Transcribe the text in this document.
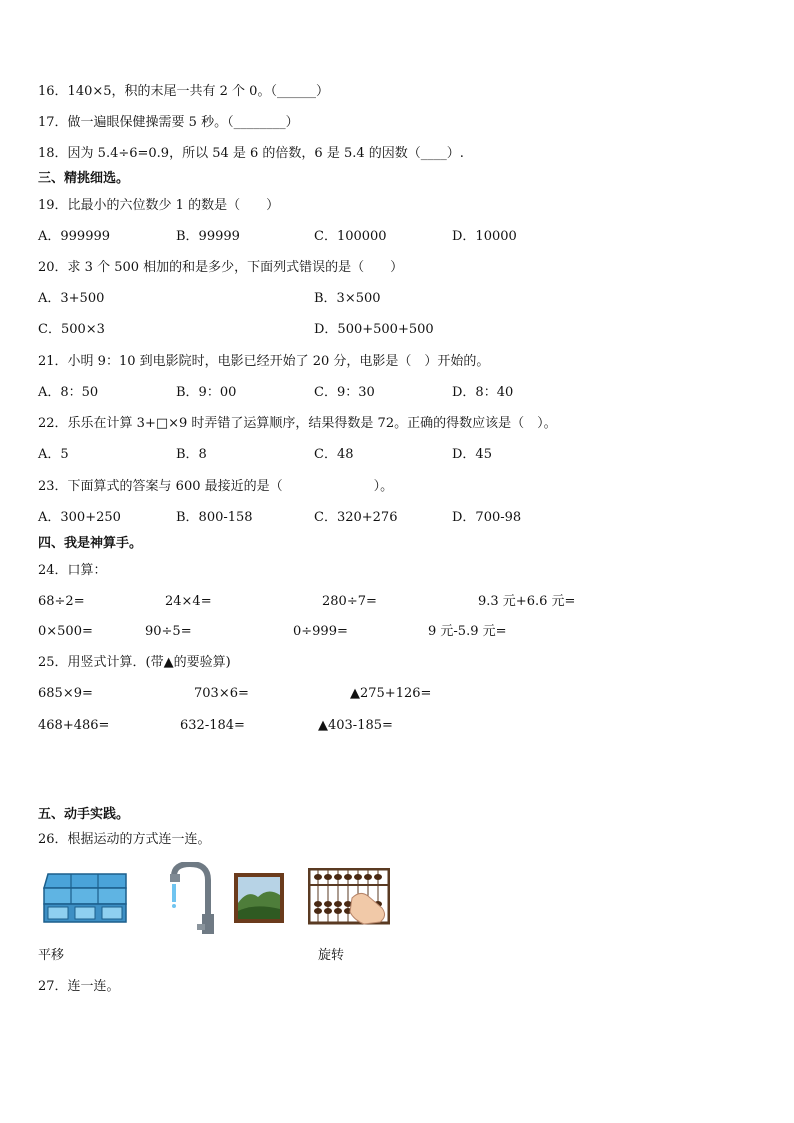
16．140×5，积的末尾一共有 2 个 0。（______）
17．做一遍眼保健操需要 5 秒。（________）
18．因为 5.4÷6=0.9，所以 54 是 6 的倍数，6 是 5.4 的因数（____）.
三、精挑细选。
19．比最小的六位数少 1 的数是（　　）
A．999999	B．99999	C．100000	D．10000
20．求 3 个 500 相加的和是多少，下面列式错误的是（　　）
A．3+500	B．3×500
C．500×3	D．500+500+500
21．小明 9：10 到电影院时，电影已经开始了 20 分，电影是（　）开始的。
A．8：50	B．9：00	C．9：30	D．8：40
22．乐乐在计算 3+□×9 时弄错了运算顺序，结果得数是 72。正确的得数应该是（　）。
A．5	B．8	C．48	D．45
23．下面算式的答案与 600 最接近的是（　　　　　　　）。
A．300+250	B．800-158	C．320+276	D．700-98
四、我是神算手。
24．口算：
68÷2=	24×4=	280÷7=	9.3 元+6.6 元=
0×500=	90÷5=	0÷999=	9 元-5.9 元=
25．用竖式计算．(带▲的要验算)
685×9=	703×6=	▲275+126=
468+486=	632-184=	▲403-185=
五、动手实践。
26．根据运动的方式连一连。
平移	旋转
27．连一连。
